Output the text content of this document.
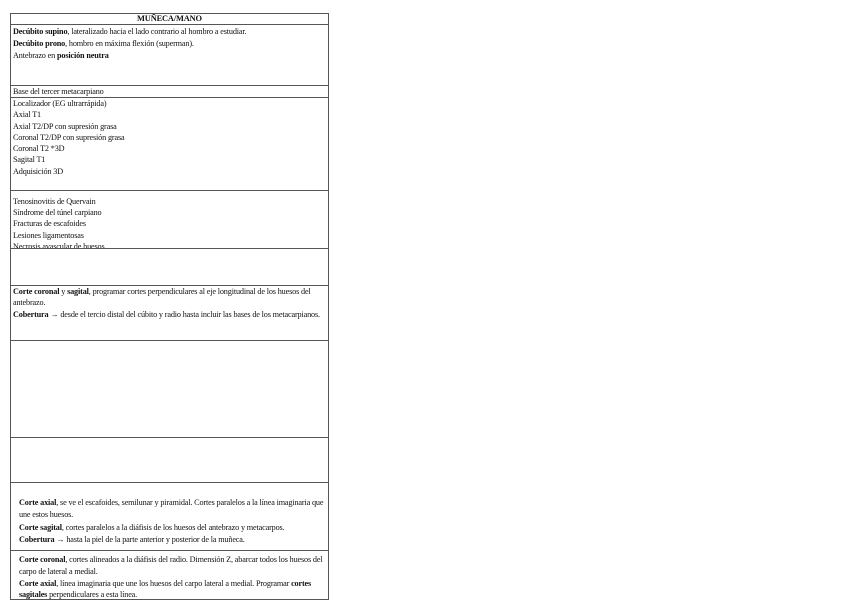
MUÑECA/MANO

Decúbito supino, lateralizado hacia el lado contrario al hombro a estudiar.

Decúbito prono, hombro en máxima flexión (superman).

Antebrazo en posición neutra

Base del tercer metacarpiano

Localizador (EG ultrarrápida)

Axial T1

Axial T2/DP con supresión grasa

Coronal T2/DP con supresión grasa

Coronal T2 *3D

Sagital T1

Adquisición 3D

Tenosinovitis de Quervain

Síndrome del túnel carpiano

Fracturas de escafoides

Lesiones ligamentosas

Necrosis avascular de huesos

Corte coronal y sagital, programar cortes perpendiculares al eje longitudinal de los huesos del antebrazo.

Cobertura → desde el tercio distal del cúbito y radio hasta incluir las bases de los metacarpianos.

Corte axial, se ve el escafoides, semilunar y piramidal. Cortes paralelos a la línea imaginaria que une estos huesos.

Corte sagital, cortes paralelos a la diáfisis de los huesos del antebrazo y metacarpos.

Cobertura → hasta la piel de la parte anterior y posterior de la muñeca.

Corte coronal, cortes alineados a la diáfisis del radio. Dimensión Z, abarcar todos los huesos del carpo de lateral a medial.

Corte axial, línea imaginaria que une los huesos del carpo lateral a medial. Programar cortes sagitales perpendiculares a esta línea.
